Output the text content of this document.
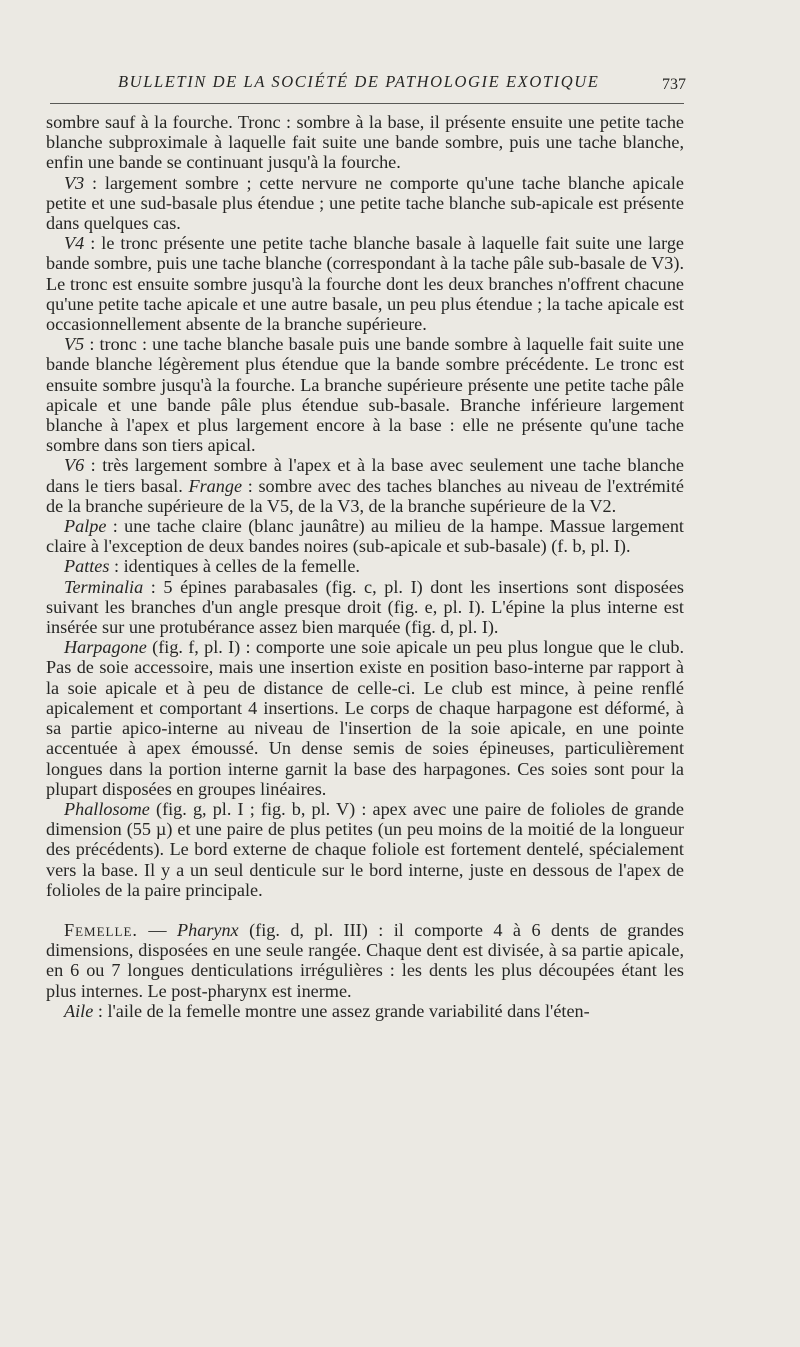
BULLETIN DE LA SOCIÉTÉ DE PATHOLOGIE EXOTIQUE	737

sombre sauf à la fourche. Tronc : sombre à la base, il présente ensuite une petite tache blanche subproximale à laquelle fait suite une bande sombre, puis une tache blanche, enfin une bande se continuant jusqu'à la fourche.

V3 : largement sombre ; cette nervure ne comporte qu'une tache blanche apicale petite et une sud-basale plus étendue ; une petite tache blanche sub-apicale est présente dans quelques cas.

V4 : le tronc présente une petite tache blanche basale à laquelle fait suite une large bande sombre, puis une tache blanche (correspondant à la tache pâle sub-basale de V3). Le tronc est ensuite sombre jusqu'à la fourche dont les deux branches n'offrent chacune qu'une petite tache apicale et une autre basale, un peu plus étendue ; la tache apicale est occasionnellement absente de la branche supérieure.

V5 : tronc : une tache blanche basale puis une bande sombre à laquelle fait suite une bande blanche légèrement plus étendue que la bande sombre précédente. Le tronc est ensuite sombre jusqu'à la fourche. La branche supérieure présente une petite tache pâle apicale et une bande pâle plus étendue sub-basale. Branche inférieure largement blanche à l'apex et plus largement encore à la base : elle ne présente qu'une tache sombre dans son tiers apical.

V6 : très largement sombre à l'apex et à la base avec seulement une tache blanche dans le tiers basal. Frange : sombre avec des taches blanches au niveau de l'extrémité de la branche supérieure de la V5, de la V3, de la branche supérieure de la V2.

Palpe : une tache claire (blanc jaunâtre) au milieu de la hampe. Massue largement claire à l'exception de deux bandes noires (sub-apicale et sub-basale) (f. b, pl. I).

Pattes : identiques à celles de la femelle.

Terminalia : 5 épines parabasales (fig. c, pl. I) dont les insertions sont disposées suivant les branches d'un angle presque droit (fig. e, pl. I). L'épine la plus interne est insérée sur une protubérance assez bien marquée (fig. d, pl. I).

Harpagone (fig. f, pl. I) : comporte une soie apicale un peu plus longue que le club. Pas de soie accessoire, mais une insertion existe en position baso-interne par rapport à la soie apicale et à peu de distance de celle-ci. Le club est mince, à peine renflé apicalement et comportant 4 insertions. Le corps de chaque harpagone est déformé, à sa partie apico-interne au niveau de l'insertion de la soie apicale, en une pointe accentuée à apex émoussé. Un dense semis de soies épineuses, particulièrement longues dans la portion interne garnit la base des harpagones. Ces soies sont pour la plupart disposées en groupes linéaires.

Phallosome (fig. g, pl. I ; fig. b, pl. V) : apex avec une paire de folioles de grande dimension (55 µ) et une paire de plus petites (un peu moins de la moitié de la longueur des précédents). Le bord externe de chaque foliole est fortement dentelé, spécialement vers la base. Il y a un seul denticule sur le bord interne, juste en dessous de l'apex de folioles de la paire principale.

Femelle. — Pharynx (fig. d, pl. III) : il comporte 4 à 6 dents de grandes dimensions, disposées en une seule rangée. Chaque dent est divisée, à sa partie apicale, en 6 ou 7 longues denticulations irrégulières : les dents les plus découpées étant les plus internes. Le post-pharynx est inerme.

Aile : l'aile de la femelle montre une assez grande variabilité dans l'éten-
